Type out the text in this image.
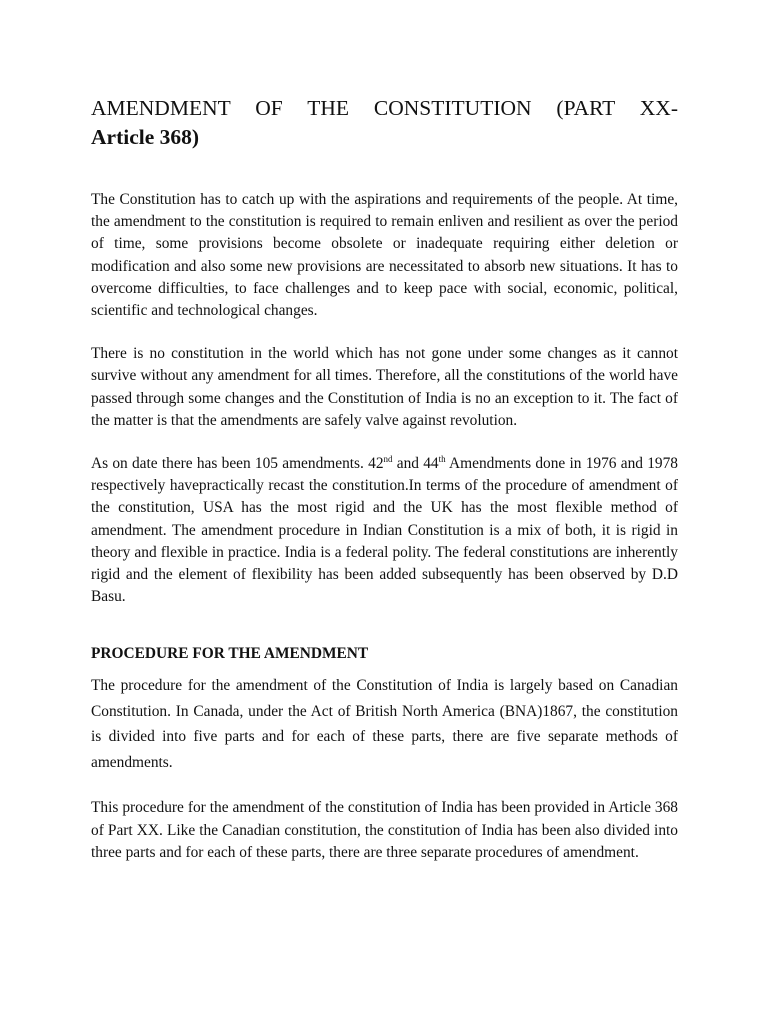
AMENDMENT OF THE CONSTITUTION (PART XX-
Article 368)

The Constitution has to catch up with the aspirations and requirements of the people. At time, the amendment to the constitution is required to remain enliven and resilient as over the period of time, some provisions become obsolete or inadequate requiring either deletion or modification and also some new provisions are necessitated to absorb new situations. It has to overcome difficulties, to face challenges and to keep pace with social, economic, political, scientific and technological changes.

There is no constitution in the world which has not gone under some changes as it cannot survive without any amendment for all times. Therefore, all the constitutions of the world have passed through some changes and the Constitution of India is no an exception to it. The fact of the matter is that the amendments are safely valve against revolution.

As on date there has been 105 amendments. 42nd and 44th Amendments done in 1976 and 1978 respectively havepractically recast the constitution.In terms of the procedure of amendment of the constitution, USA has the most rigid and the UK has the most flexible method of amendment. The amendment procedure in Indian Constitution is a mix of both, it is rigid in theory and flexible in practice. India is a federal polity. The federal constitutions are inherently rigid and the element of flexibility has been added subsequently has been observed by D.D Basu.

PROCEDURE FOR THE AMENDMENT

The procedure for the amendment of the Constitution of India is largely based on Canadian Constitution. In Canada, under the Act of British North America (BNA)1867, the constitution is divided into five parts and for each of these parts, there are five separate methods of amendments.

This procedure for the amendment of the constitution of India has been provided in Article 368 of Part XX. Like the Canadian constitution, the constitution of India has been also divided into three parts and for each of these parts, there are three separate procedures of amendment.
